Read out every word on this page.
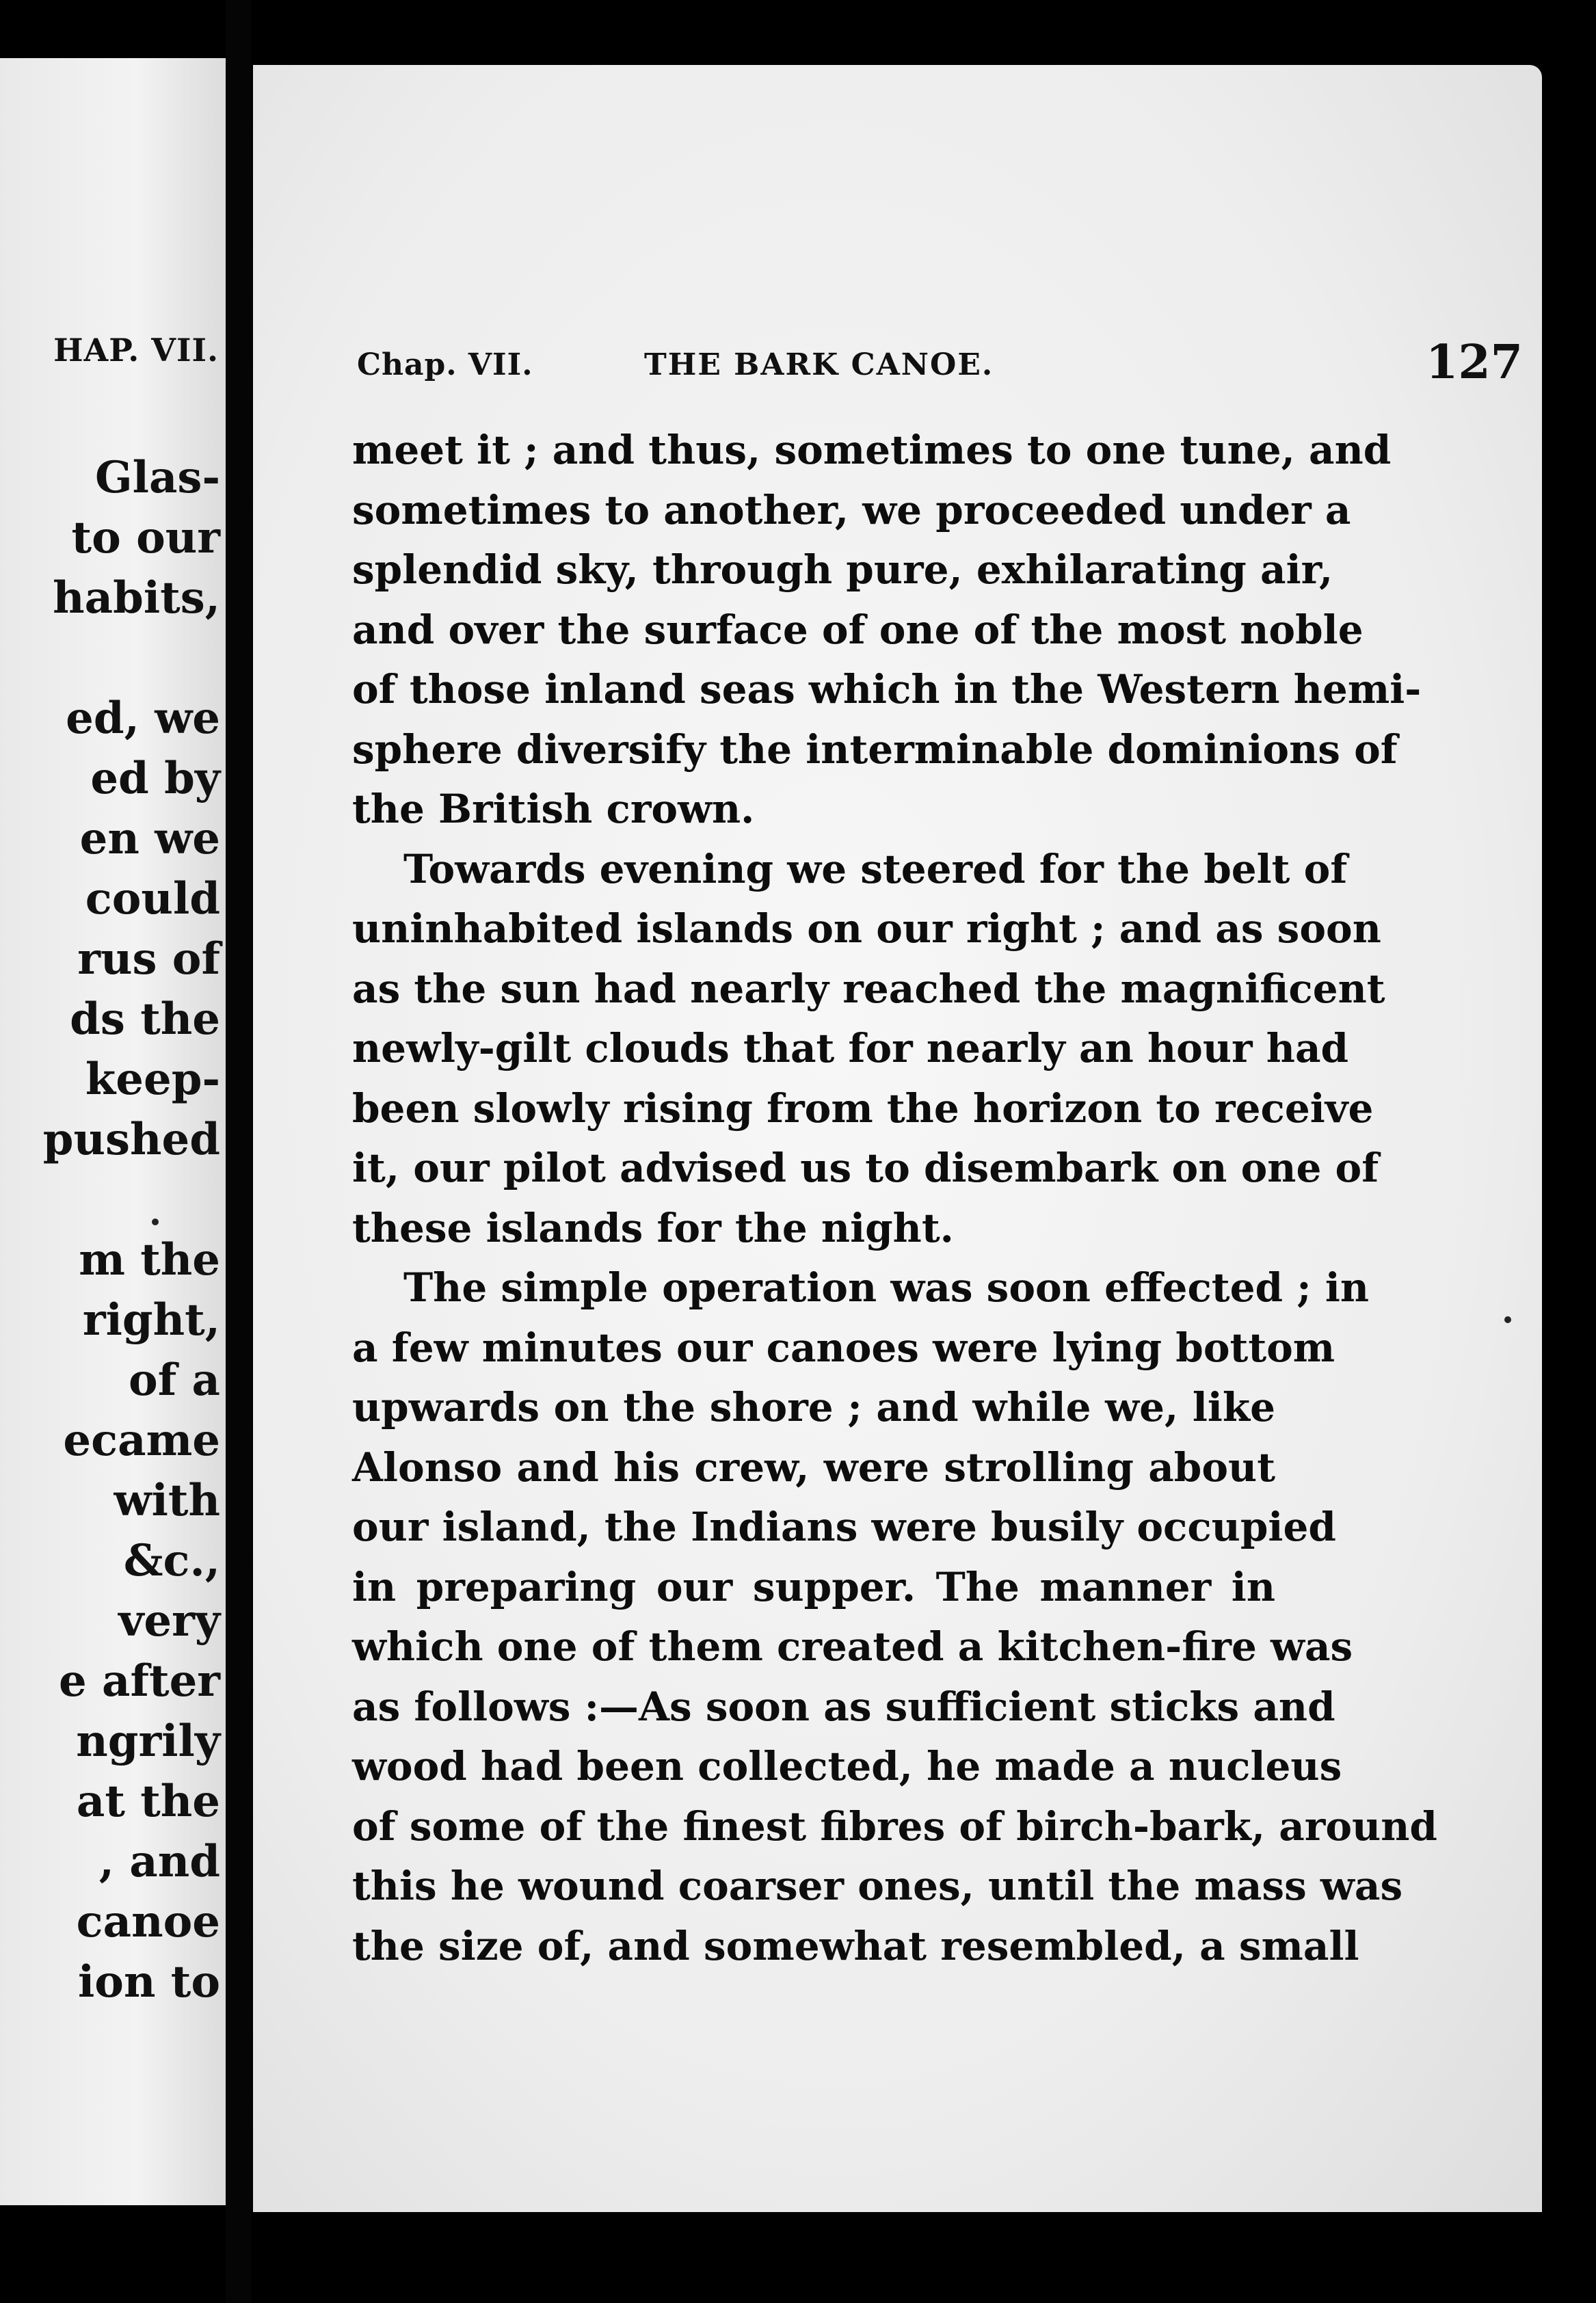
HAP. VII.
Glas-
to our
habits,

ed, we
ed by
en we
could
rus of
ds the
keep-
pushed

m the
right,
of a
ecame
with
&c.,
very
e after
ngrily
at the
, and
canoe
ion to
Chap. VII.	THE BARK CANOE.	127
meet it ; and thus, sometimes to one tune, and
sometimes to another, we proceeded under a
splendid sky, through pure, exhilarating air,
and over the surface of one of the most noble
of those inland seas which in the Western hemi-
sphere diversify the interminable dominions of
the British crown.
Towards evening we steered for the belt of
uninhabited islands on our right ; and as soon
as the sun had nearly reached the magnificent
newly-gilt clouds that for nearly an hour had
been slowly rising from the horizon to receive
it, our pilot advised us to disembark on one of
these islands for the night.
The simple operation was soon effected ; in
a few minutes our canoes were lying bottom
upwards on the shore ; and while we, like
Alonso and his crew, were strolling about
our island, the Indians were busily occupied
in preparing our supper. The manner in
which one of them created a kitchen-fire was
as follows :—As soon as sufficient sticks and
wood had been collected, he made a nucleus
of some of the finest fibres of birch-bark, around
this he wound coarser ones, until the mass was
the size of, and somewhat resembled, a small
